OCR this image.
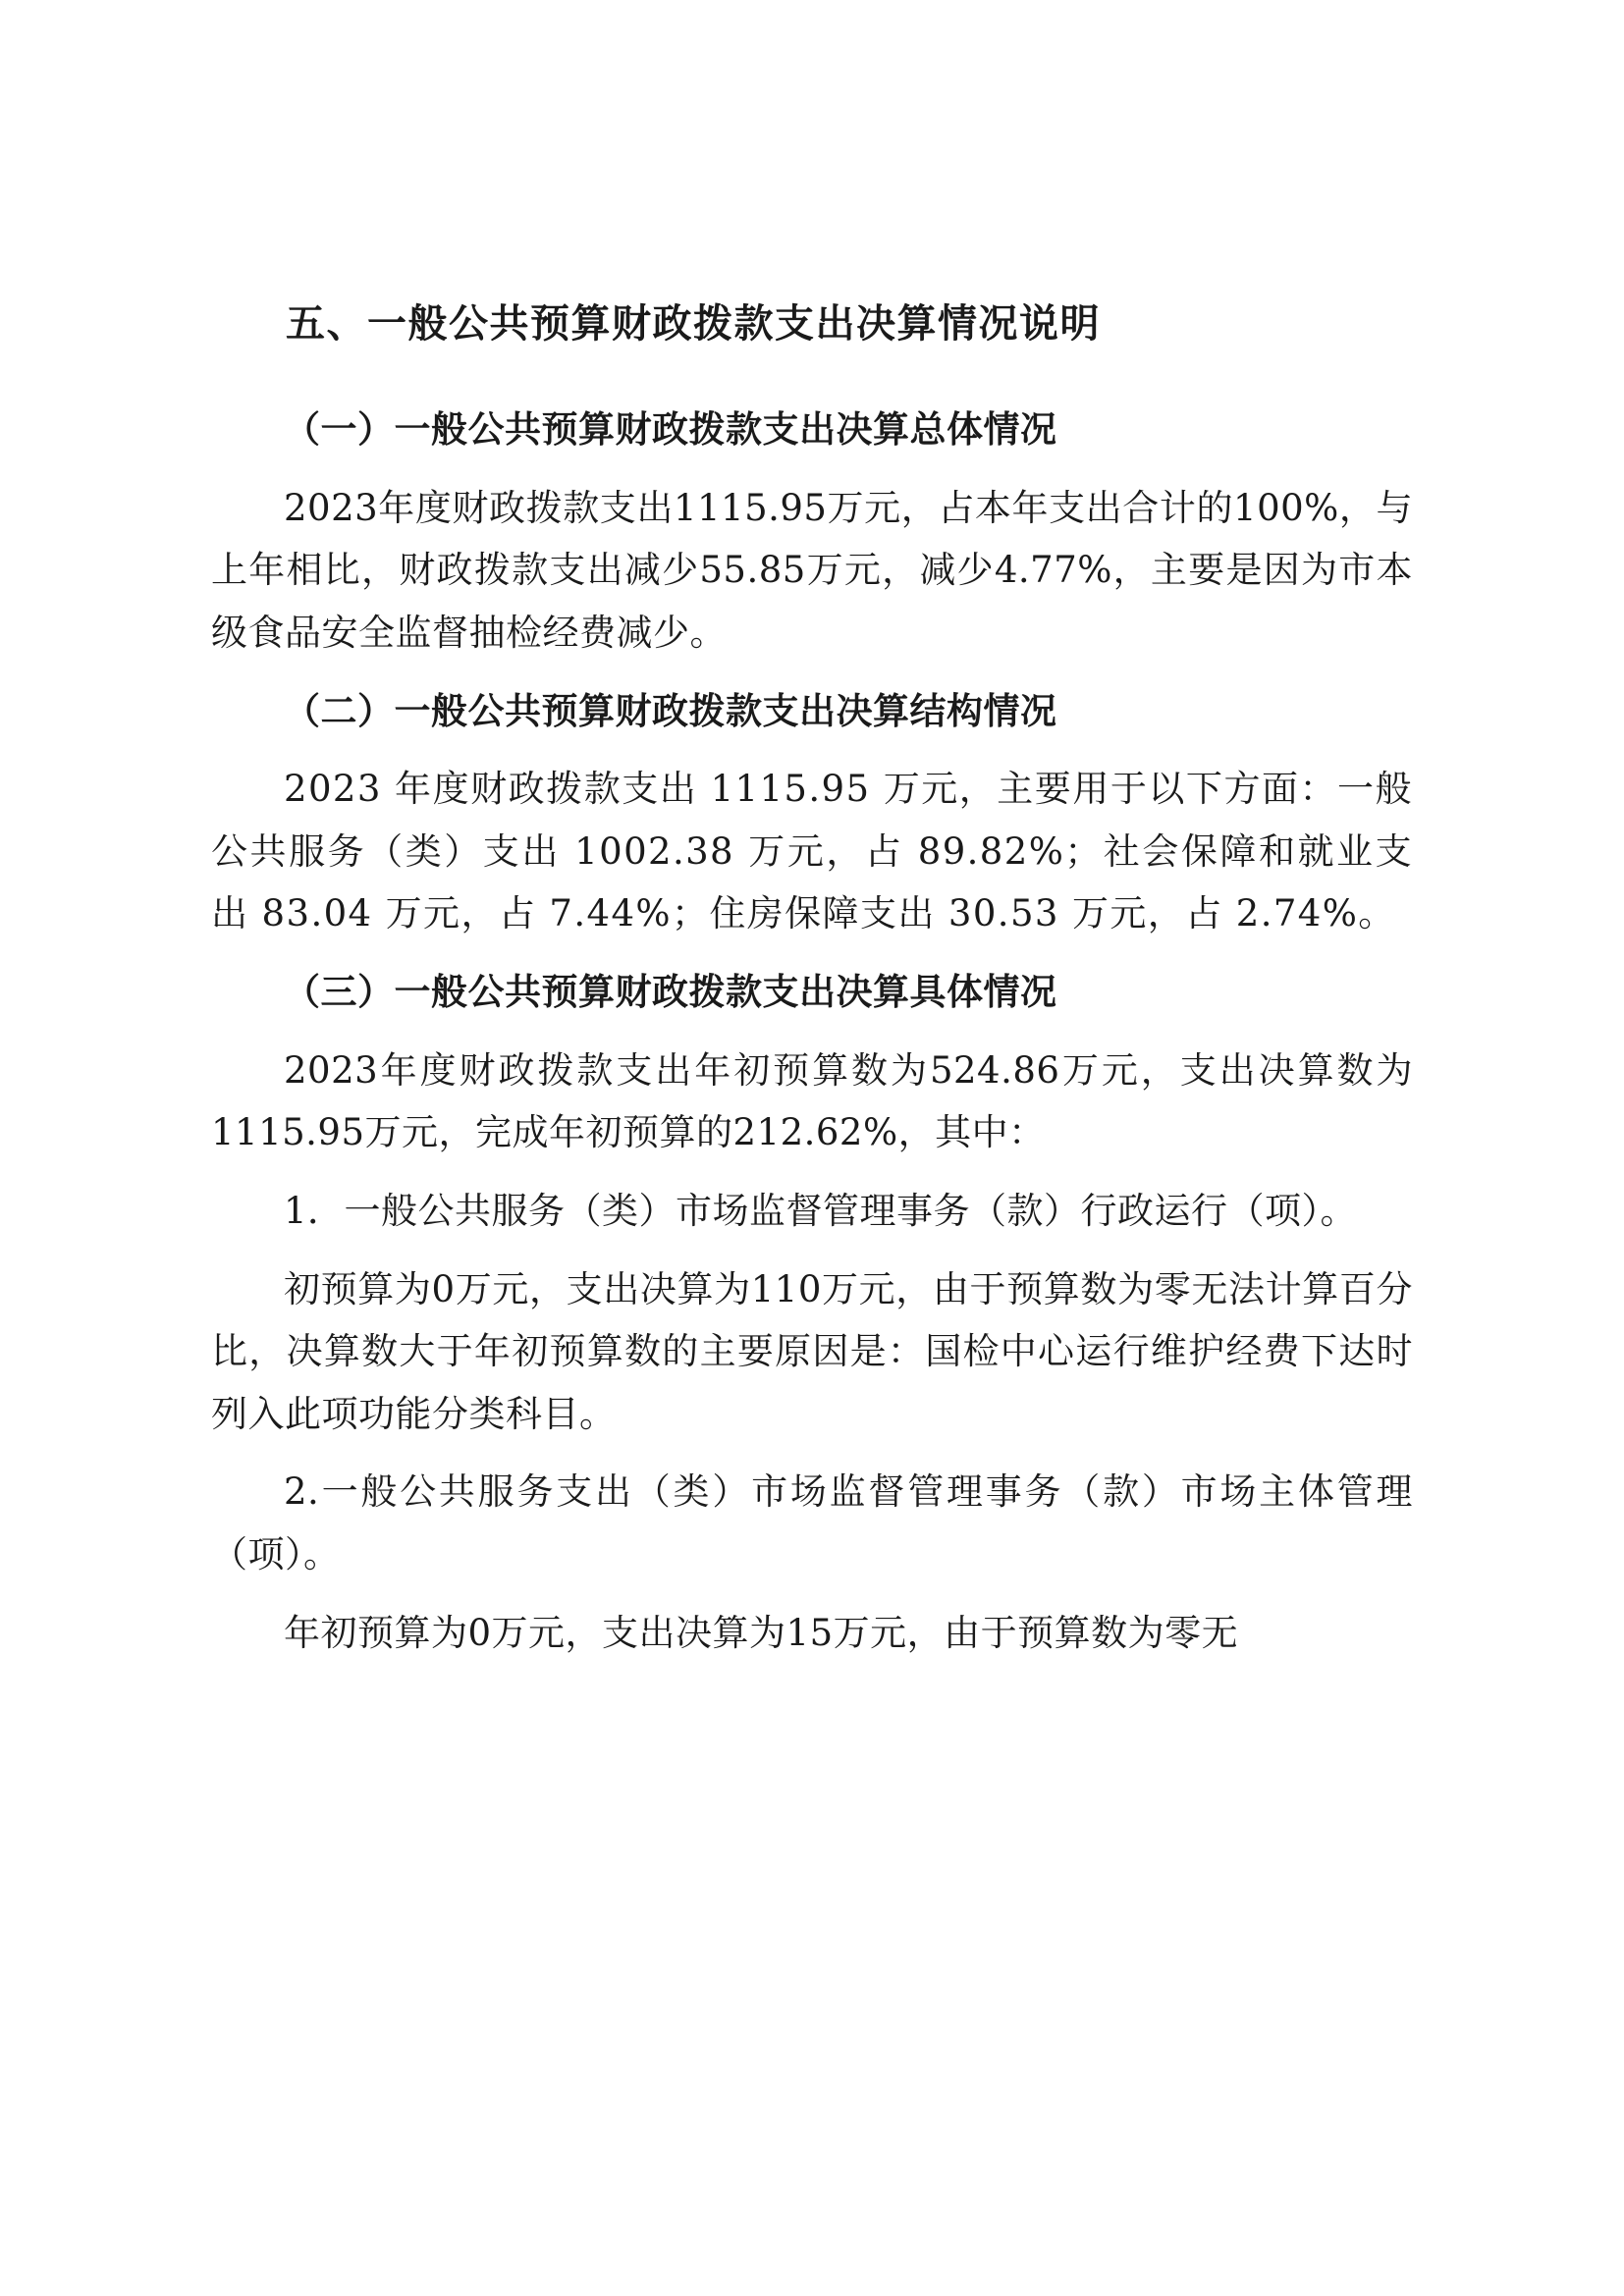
五、一般公共预算财政拨款支出决算情况说明

（一）一般公共预算财政拨款支出决算总体情况

2023年度财政拨款支出1115.95万元，占本年支出合计的100%，与上年相比，财政拨款支出减少55.85万元，减少4.77%，主要是因为市本级食品安全监督抽检经费减少。

（二）一般公共预算财政拨款支出决算结构情况

2023 年度财政拨款支出 1115.95 万元，主要用于以下方面：一般公共服务（类）支出 1002.38 万元，占 89.82%；社会保障和就业支出 83.04 万元，占 7.44%；住房保障支出 30.53 万元，占 2.74%。

（三）一般公共预算财政拨款支出决算具体情况

2023年度财政拨款支出年初预算数为524.86万元，支出决算数为1115.95万元，完成年初预算的212.62%，其中：

1．一般公共服务（类）市场监督管理事务（款）行政运行（项）。

初预算为0万元，支出决算为110万元，由于预算数为零无法计算百分比，决算数大于年初预算数的主要原因是：国检中心运行维护经费下达时列入此项功能分类科目。

2.一般公共服务支出（类）市场监督管理事务（款）市场主体管理（项）。

年初预算为0万元，支出决算为15万元，由于预算数为零无
